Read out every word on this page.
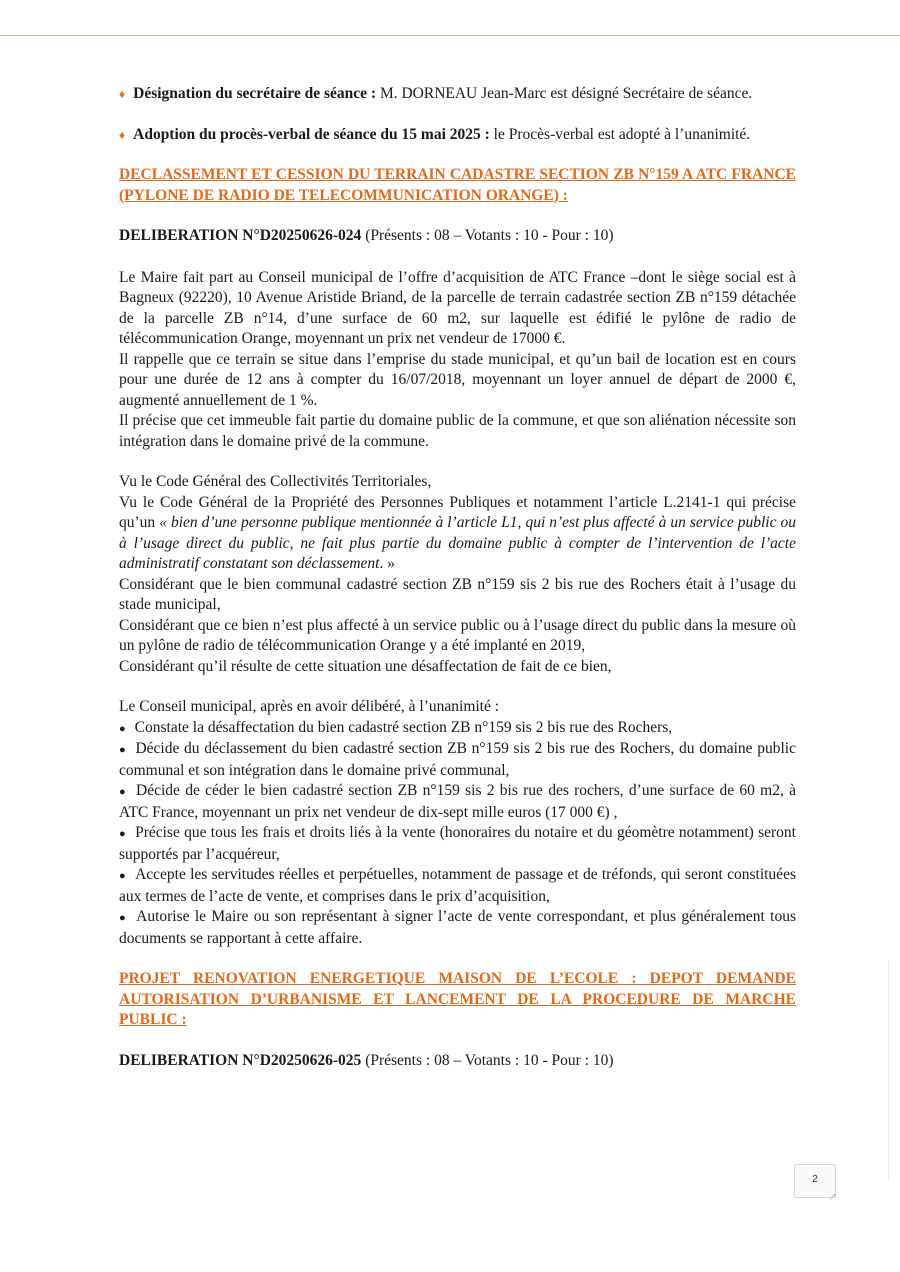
♦ Désignation du secrétaire de séance : M. DORNEAU Jean-Marc est désigné Secrétaire de séance.

♦ Adoption du procès-verbal de séance du 15 mai 2025 : le Procès-verbal est adopté à l’unanimité.

DECLASSEMENT ET CESSION DU TERRAIN CADASTRE SECTION ZB N°159 A ATC FRANCE (PYLONE DE RADIO DE TELECOMMUNICATION ORANGE) :

DELIBERATION N°D20250626-024 (Présents : 08 – Votants : 10 - Pour : 10)

Le Maire fait part au Conseil municipal de l’offre d’acquisition de ATC France –dont le siège social est à Bagneux (92220), 10 Avenue Aristide Briand, de la parcelle de terrain cadastrée section ZB n°159 détachée de la parcelle ZB n°14, d’une surface de 60 m2, sur laquelle est édifié le pylône de radio de télécommunication Orange, moyennant un prix net vendeur de 17000 €.

Il rappelle que ce terrain se situe dans l’emprise du stade municipal, et qu’un bail de location est en cours pour une durée de 12 ans à compter du 16/07/2018, moyennant un loyer annuel de départ de 2000 €, augmenté annuellement de 1 %.

Il précise que cet immeuble fait partie du domaine public de la commune, et que son aliénation nécessite son intégration dans le domaine privé de la commune.

Vu le Code Général des Collectivités Territoriales,

Vu le Code Général de la Propriété des Personnes Publiques et notamment l’article L.2141-1 qui précise qu’un « bien d’une personne publique mentionnée à l’article L1, qui n’est plus affecté à un service public ou à l’usage direct du public, ne fait plus partie du domaine public à compter de l’intervention de l’acte administratif constatant son déclassement. »

Considérant que le bien communal cadastré section ZB n°159 sis 2 bis rue des Rochers était à l’usage du stade municipal,

Considérant que ce bien n’est plus affecté à un service public ou à l’usage direct du public dans la mesure où un pylône de radio de télécommunication Orange y a été implanté en 2019,

Considérant qu’il résulte de cette situation une désaffectation de fait de ce bien,

Le Conseil municipal, après en avoir délibéré, à l’unanimité :

● Constate la désaffectation du bien cadastré section ZB n°159 sis 2 bis rue des Rochers,
● Décide du déclassement du bien cadastré section ZB n°159 sis 2 bis rue des Rochers, du domaine public communal et son intégration dans le domaine privé communal,
● Décide de céder le bien cadastré section ZB n°159 sis 2 bis rue des rochers, d’une surface de 60 m2, à ATC France, moyennant un prix net vendeur de dix-sept mille euros (17 000 €) ,
● Précise que tous les frais et droits liés à la vente (honoraires du notaire et du géomètre notamment) seront supportés par l’acquéreur,
● Accepte les servitudes réelles et perpétuelles, notamment de passage et de tréfonds, qui seront constituées aux termes de l’acte de vente, et comprises dans le prix d’acquisition,
● Autorise le Maire ou son représentant à signer l’acte de vente correspondant, et plus généralement tous documents se rapportant à cette affaire.

PROJET RENOVATION ENERGETIQUE MAISON DE L’ECOLE : DEPOT DEMANDE AUTORISATION D’URBANISME ET LANCEMENT DE LA PROCEDURE DE MARCHE PUBLIC :

DELIBERATION N°D20250626-025 (Présents : 08 – Votants : 10 - Pour : 10)

2
↗
